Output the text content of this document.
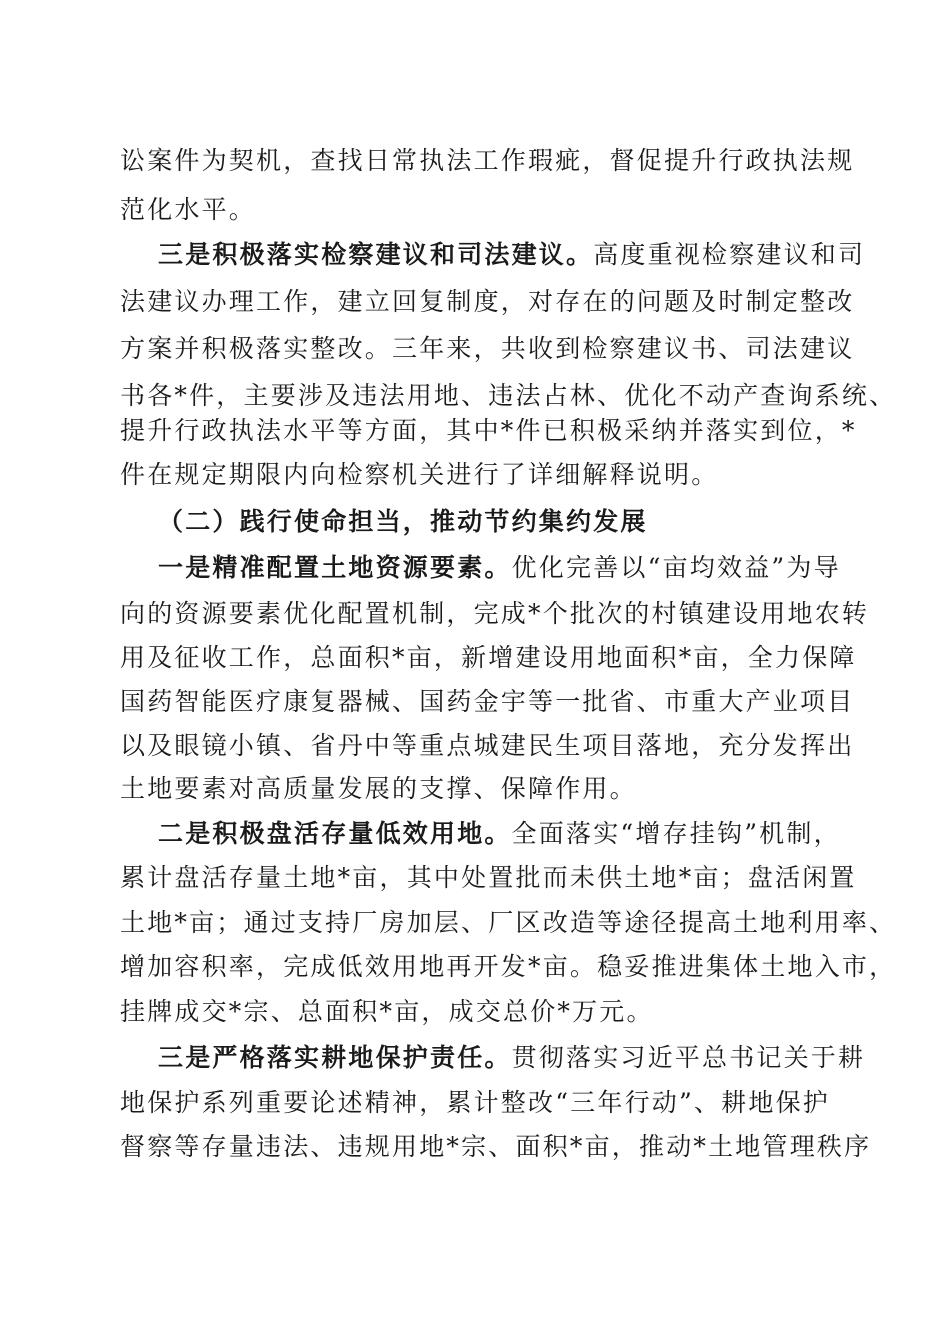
讼案件为契机，查找日常执法工作瑕疵，督促提升行政执法规
范化水平。
三是积极落实检察建议和司法建议。高度重视检察建议和司
法建议办理工作，建立回复制度，对存在的问题及时制定整改
方案并积极落实整改。三年来，共收到检察建议书、司法建议
书各*件，主要涉及违法用地、违法占林、优化不动产查询系统、
提升行政执法水平等方面，其中*件已积极采纳并落实到位，*
件在规定期限内向检察机关进行了详细解释说明。
（二）践行使命担当，推动节约集约发展
一是精准配置土地资源要素。优化完善以“亩均效益”为导
向的资源要素优化配置机制，完成*个批次的村镇建设用地农转
用及征收工作，总面积*亩，新增建设用地面积*亩，全力保障
国药智能医疗康复器械、国药金宇等一批省、市重大产业项目
以及眼镜小镇、省丹中等重点城建民生项目落地，充分发挥出
土地要素对高质量发展的支撑、保障作用。
二是积极盘活存量低效用地。全面落实“增存挂钩”机制，
累计盘活存量土地*亩，其中处置批而未供土地*亩；盘活闲置
土地*亩；通过支持厂房加层、厂区改造等途径提高土地利用率、
增加容积率，完成低效用地再开发*亩。稳妥推进集体土地入市，
挂牌成交*宗、总面积*亩，成交总价*万元。
三是严格落实耕地保护责任。贯彻落实习近平总书记关于耕
地保护系列重要论述精神，累计整改“三年行动”、耕地保护
督察等存量违法、违规用地*宗、面积*亩，推动*土地管理秩序
